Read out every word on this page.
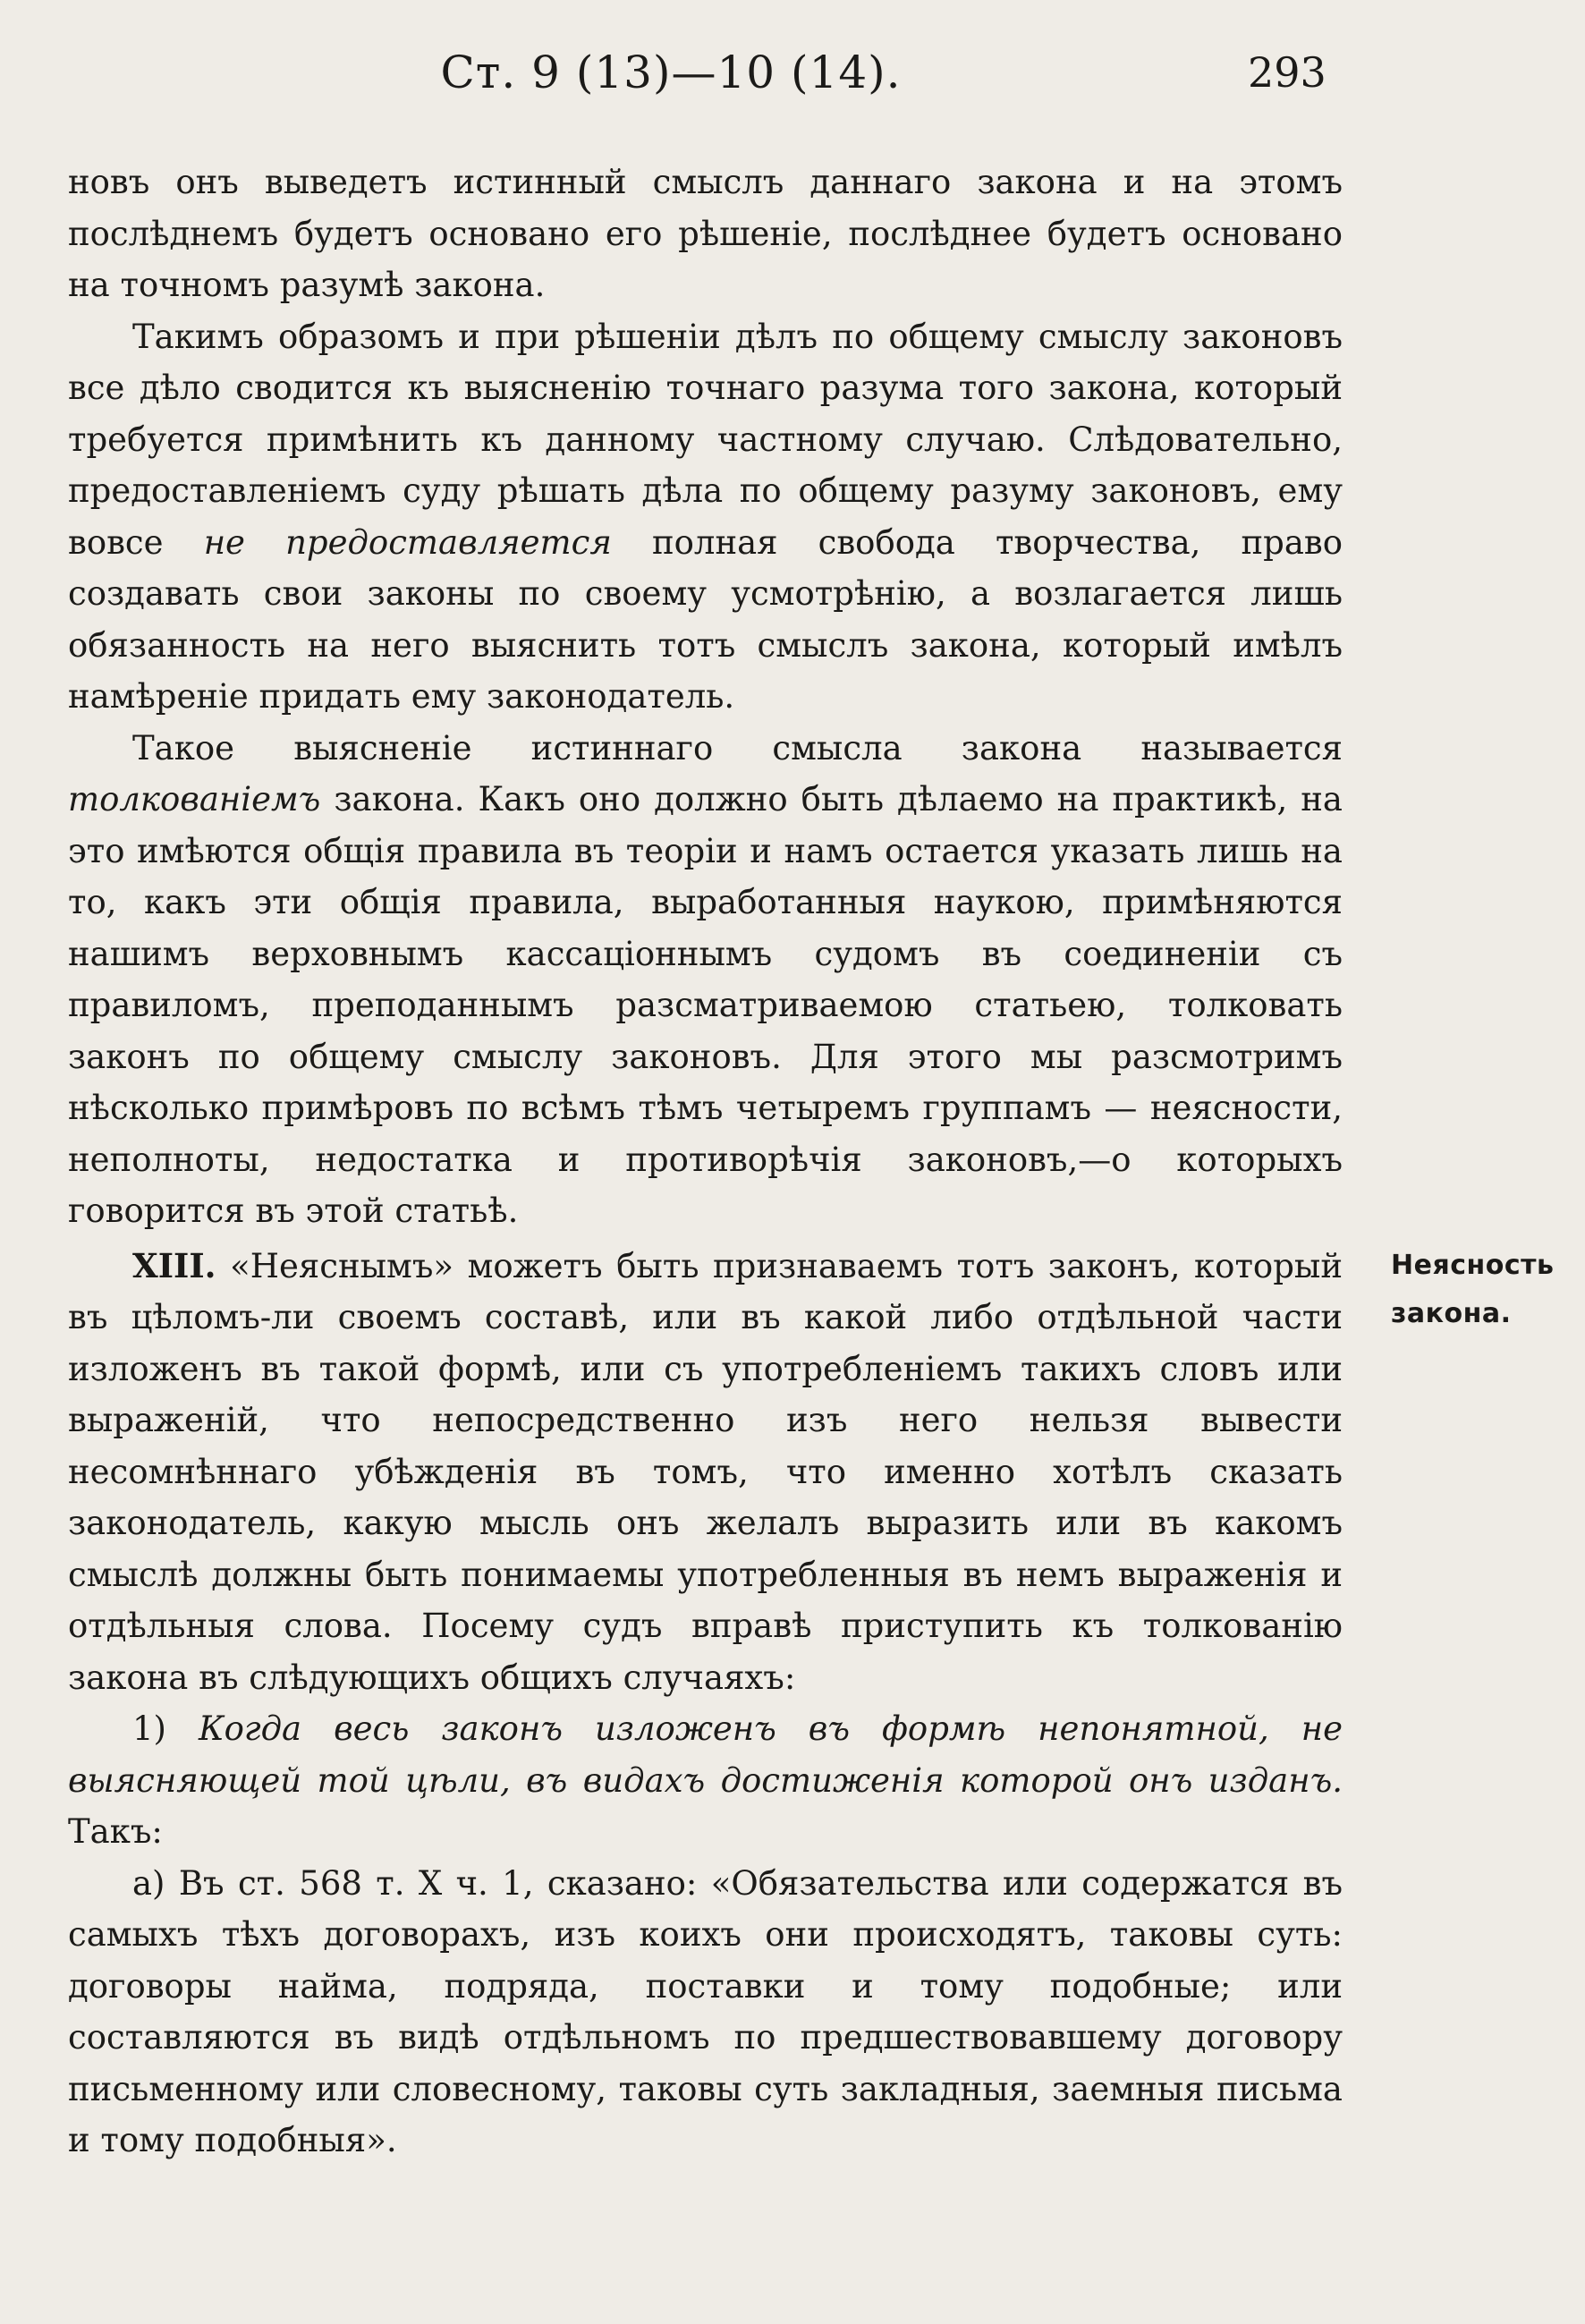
Ст. 9 (13)—10 (14).	293

новъ онъ выведетъ истинный смыслъ даннаго закона и на этомъ послѣднемъ будетъ основано его рѣшеніе, послѣднее будетъ основано на точномъ разумѣ закона.

Такимъ образомъ и при рѣшеніи дѣлъ по общему смыслу законовъ все дѣло сводится къ выясненію точнаго разума того закона, который требуется примѣнить къ данному частному случаю. Слѣдовательно, предоставленіемъ суду рѣшать дѣла по общему разуму законовъ, ему вовсе не предоставляется полная свобода творчества, право создавать свои законы по своему усмотрѣнію, а возлагается лишь обязанность на него выяснить тотъ смыслъ закона, который имѣлъ намѣреніе придать ему законодатель.

Такое выясненіе истиннаго смысла закона называется толкованіемъ закона. Какъ оно должно быть дѣлаемо на практикѣ, на это имѣются общія правила въ теоріи и намъ остается указать лишь на то, какъ эти общія правила, выработанныя наукою, примѣняются нашимъ верховнымъ кассаціоннымъ судомъ въ соединеніи съ правиломъ, преподаннымъ разсматриваемою статьею, толковать законъ по общему смыслу законовъ. Для этого мы разсмотримъ нѣсколько примѣровъ по всѣмъ тѣмъ четыремъ группамъ — неясности, неполноты, недостатка и противорѣчія законовъ,—о которыхъ говорится въ этой статьѣ.

XIII. «Неяснымъ» можетъ быть признаваемъ тотъ законъ, который въ цѣломъ-ли своемъ составѣ, или въ какой либо отдѣльной части изложенъ въ такой формѣ, или съ употребленіемъ такихъ словъ или выраженій, что непосредственно изъ него нельзя вывести несомнѣннаго убѣжденія въ томъ, что именно хотѣлъ сказать законодатель, какую мысль онъ желалъ выразить или въ какомъ смыслѣ должны быть понимаемы употребленныя въ немъ выраженія и отдѣльныя слова. Посему судъ вправѣ приступить къ толкованію закона въ слѣдующихъ общихъ случаяхъ:

1) Когда весь законъ изложенъ въ формѣ непонятной, не выясняющей той цѣли, въ видахъ достиженія которой онъ изданъ. Такъ:

а) Въ ст. 568 т. X ч. 1, сказано: «Обязательства или содержатся въ самыхъ тѣхъ договорахъ, изъ коихъ они происходятъ, таковы суть: договоры найма, подряда, поставки и тому подобные; или составляются въ видѣ отдѣльномъ по предшествовавшему договору письменному или словесному, таковы суть закладныя, заемныя письма и тому подобныя».

Неясность
закона.
